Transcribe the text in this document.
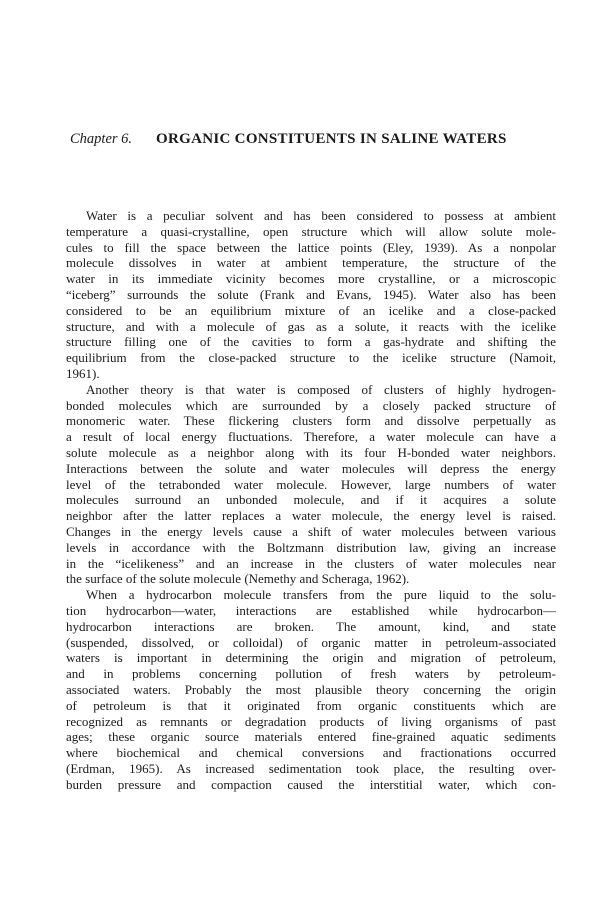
Chapter 6. ORGANIC CONSTITUENTS IN SALINE WATERS
Water is a peculiar solvent and has been considered to possess at ambient
temperature a quasi-crystalline, open structure which will allow solute mole-
cules to fill the space between the lattice points (Eley, 1939). As a nonpolar
molecule dissolves in water at ambient temperature, the structure of the
water in its immediate vicinity becomes more crystalline, or a microscopic
“iceberg” surrounds the solute (Frank and Evans, 1945). Water also has been
considered to be an equilibrium mixture of an icelike and a close-packed
structure, and with a molecule of gas as a solute, it reacts with the icelike
structure filling one of the cavities to form a gas-hydrate and shifting the
equilibrium from the close-packed structure to the icelike structure (Namoit,
1961).
Another theory is that water is composed of clusters of highly hydrogen-
bonded molecules which are surrounded by a closely packed structure of
monomeric water. These flickering clusters form and dissolve perpetually as
a result of local energy fluctuations. Therefore, a water molecule can have a
solute molecule as a neighbor along with its four H-bonded water neighbors.
Interactions between the solute and water molecules will depress the energy
level of the tetrabonded water molecule. However, large numbers of water
molecules surround an unbonded molecule, and if it acquires a solute
neighbor after the latter replaces a water molecule, the energy level is raised.
Changes in the energy levels cause a shift of water molecules between various
levels in accordance with the Boltzmann distribution law, giving an increase
in the “icelikeness” and an increase in the clusters of water molecules near
the surface of the solute molecule (Nemethy and Scheraga, 1962).
When a hydrocarbon molecule transfers from the pure liquid to the solu-
tion hydrocarbon—water, interactions are established while hydrocarbon—
hydrocarbon interactions are broken. The amount, kind, and state
(suspended, dissolved, or colloidal) of organic matter in petroleum-associated
waters is important in determining the origin and migration of petroleum,
and in problems concerning pollution of fresh waters by petroleum-
associated waters. Probably the most plausible theory concerning the origin
of petroleum is that it originated from organic constituents which are
recognized as remnants or degradation products of living organisms of past
ages; these organic source materials entered fine-grained aquatic sediments
where biochemical and chemical conversions and fractionations occurred
(Erdman, 1965). As increased sedimentation took place, the resulting over-
burden pressure and compaction caused the interstitial water, which con-
